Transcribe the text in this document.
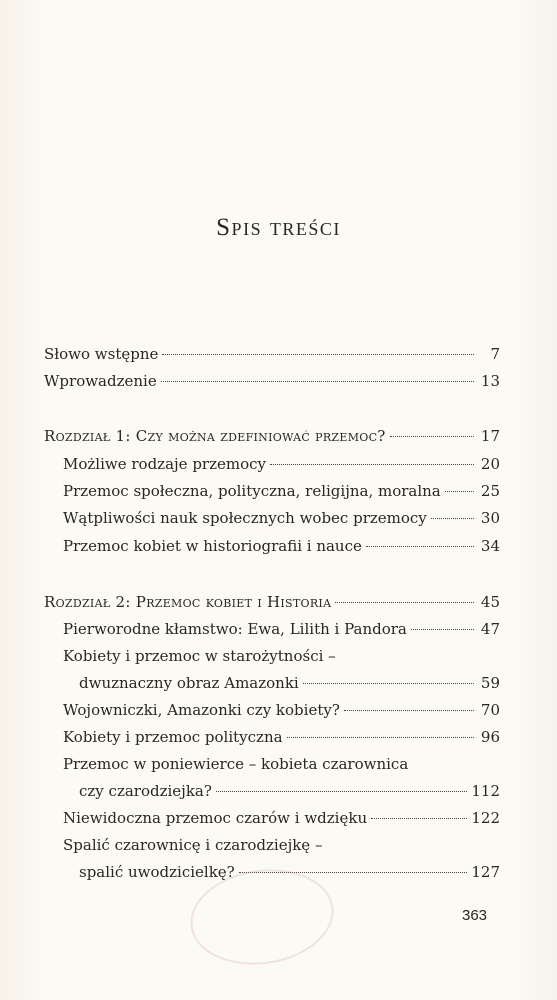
Spis treści
Słowo wstępne	7
Wprowadzenie	13
Rozdział 1: Czy można zdefiniować przemoc?	17
Możliwe rodzaje przemocy	20
Przemoc społeczna, polityczna, religijna, moralna	25
Wątpliwości nauk społecznych wobec przemocy	30
Przemoc kobiet w historiografii i nauce	34
Rozdział 2: Przemoc kobiet i Historia	45
Pierworodne kłamstwo: Ewa, Lilith i Pandora	47
Kobiety i przemoc w starożytności –
dwuznaczny obraz Amazonki	59
Wojowniczki, Amazonki czy kobiety?	70
Kobiety i przemoc polityczna	96
Przemoc w poniewierce – kobieta czarownica
czy czarodziejka?	112
Niewidoczna przemoc czarów i wdzięku	122
Spalić czarownicę i czarodziejkę –
spalić uwodzicielkę?	127
363
